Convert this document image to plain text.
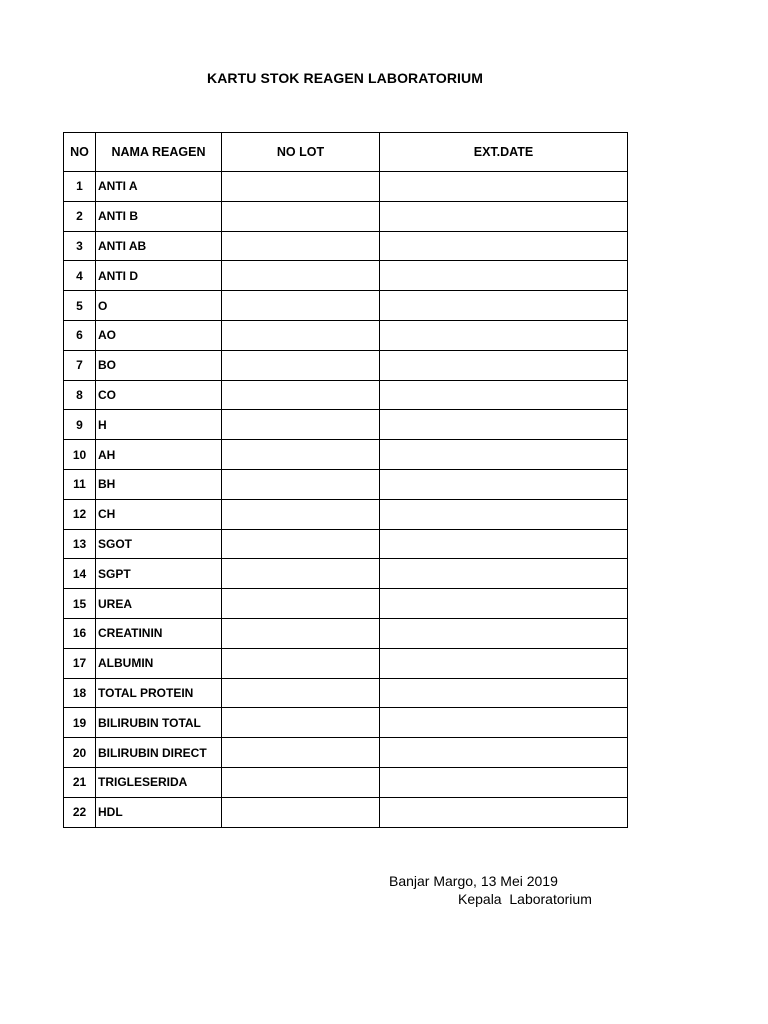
KARTU STOK REAGEN LABORATORIUM
NO	NAMA REAGEN	NO LOT	EXT.DATE
1	ANTI A		
2	ANTI B		
3	ANTI AB		
4	ANTI D		
5	O		
6	AO		
7	BO		
8	CO		
9	H		
10	AH		
11	BH		
12	CH		
13	SGOT		
14	SGPT		
15	UREA		
16	CREATININ		
17	ALBUMIN		
18	TOTAL PROTEIN		
19	BILIRUBIN TOTAL		
20	BILIRUBIN DIRECT		
21	TRIGLESERIDA		
22	HDL		
Banjar Margo, 13 Mei 2019
Kepala  Laboratorium
